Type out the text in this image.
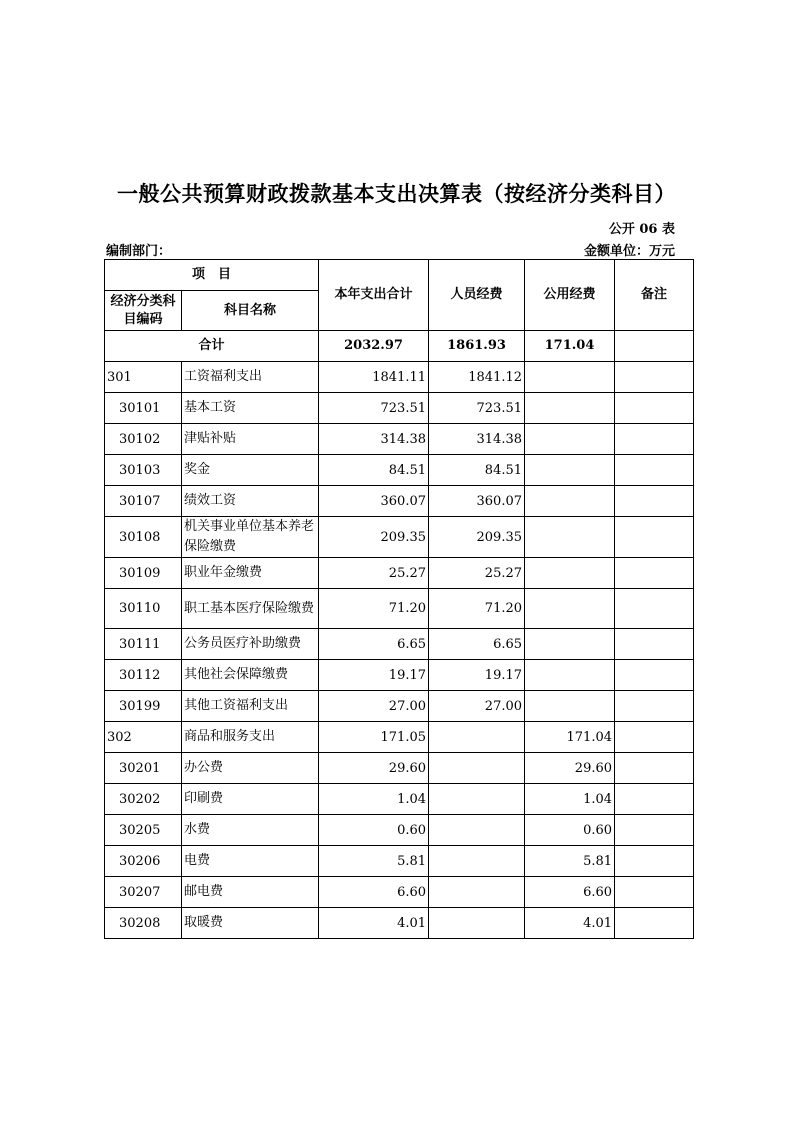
一般公共预算财政拨款基本支出决算表（按经济分类科目）
公开 06 表
编制部门：	金额单位：万元
项　目		本年支出合计	人员经费	公用经费	备注
经济分类科目编码	科目名称				
合计		2032.97	1861.93	171.04	
301	工资福利支出	1841.11	1841.12		
30101	基本工资	723.51	723.51		
30102	津贴补贴	314.38	314.38		
30103	奖金	84.51	84.51		
30107	绩效工资	360.07	360.07		
30108	机关事业单位基本养老保险缴费	209.35	209.35		
30109	职业年金缴费	25.27	25.27		
30110	职工基本医疗保险缴费	71.20	71.20		
30111	公务员医疗补助缴费	6.65	6.65		
30112	其他社会保障缴费	19.17	19.17		
30199	其他工资福利支出	27.00	27.00		
302	商品和服务支出	171.05		171.04	
30201	办公费	29.60		29.60	
30202	印刷费	1.04		1.04	
30205	水费	0.60		0.60	
30206	电费	5.81		5.81	
30207	邮电费	6.60		6.60	
30208	取暖费	4.01		4.01	
